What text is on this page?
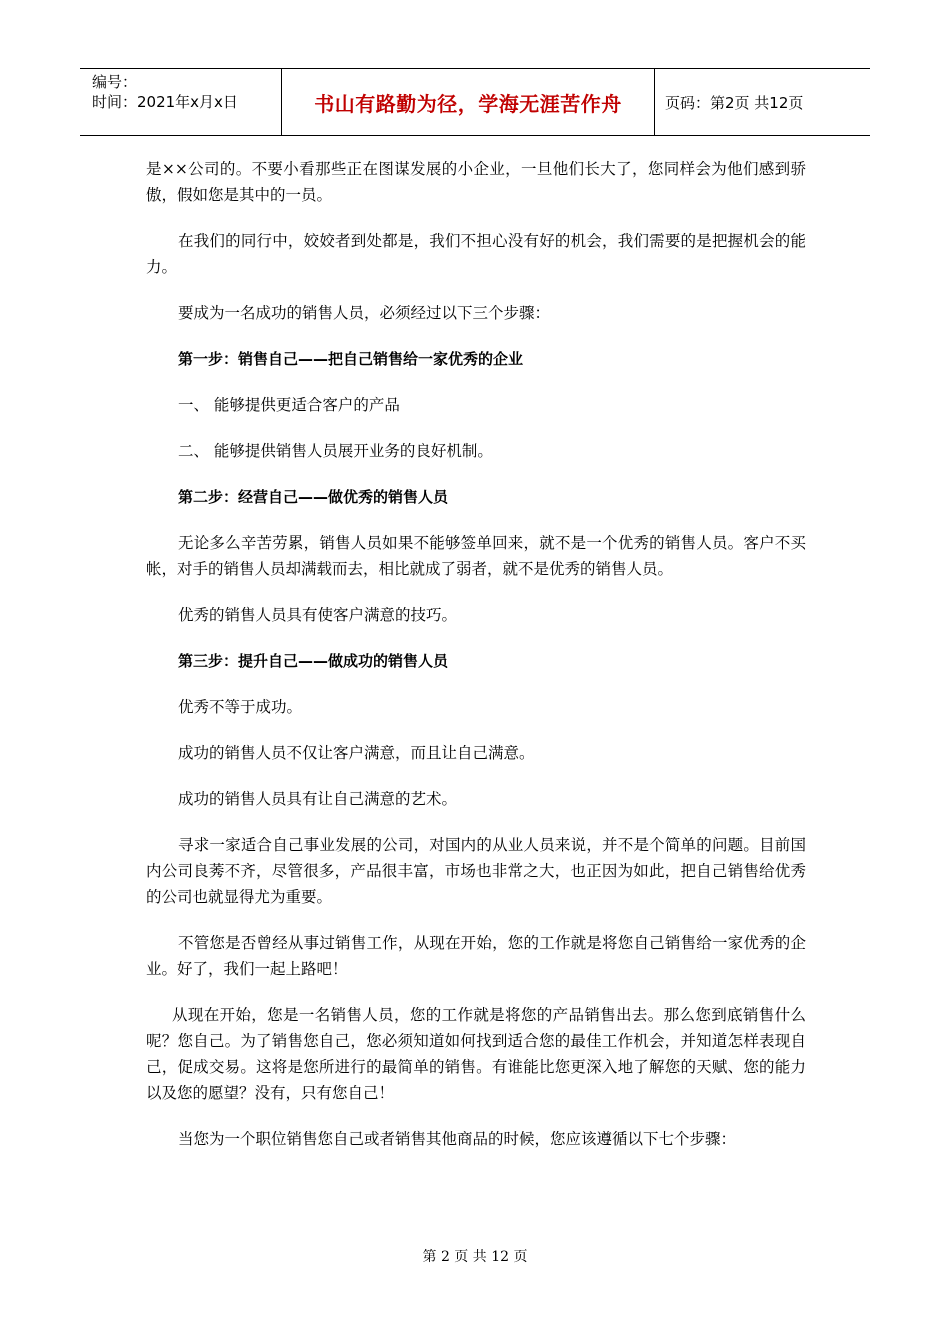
编号：
时间：2021年x月x日	书山有路勤为径，学海无涯苦作舟	页码：第2页 共12页

是××公司的。不要小看那些正在图谋发展的小企业，一旦他们长大了，您同样会为他们感到骄傲，假如您是其中的一员。

在我们的同行中，姣姣者到处都是，我们不担心没有好的机会，我们需要的是把握机会的能力。

要成为一名成功的销售人员，必须经过以下三个步骤：

第一步：销售自己——把自己销售给一家优秀的企业

一、 能够提供更适合客户的产品

二、 能够提供销售人员展开业务的良好机制。

第二步：经营自己——做优秀的销售人员

无论多么辛苦劳累，销售人员如果不能够签单回来，就不是一个优秀的销售人员。客户不买帐，对手的销售人员却满载而去，相比就成了弱者，就不是优秀的销售人员。

优秀的销售人员具有使客户满意的技巧。

第三步：提升自己——做成功的销售人员

优秀不等于成功。

成功的销售人员不仅让客户满意，而且让自己满意。

成功的销售人员具有让自己满意的艺术。

寻求一家适合自己事业发展的公司，对国内的从业人员来说，并不是个简单的问题。目前国内公司良莠不齐，尽管很多，产品很丰富，市场也非常之大，也正因为如此，把自己销售给优秀的公司也就显得尤为重要。

不管您是否曾经从事过销售工作，从现在开始，您的工作就是将您自己销售给一家优秀的企业。好了，我们一起上路吧！

从现在开始，您是一名销售人员，您的工作就是将您的产品销售出去。那么您到底销售什么呢？您自己。为了销售您自己，您必须知道如何找到适合您的最佳工作机会，并知道怎样表现自己，促成交易。这将是您所进行的最简单的销售。有谁能比您更深入地了解您的天赋、您的能力以及您的愿望？没有，只有您自己！

当您为一个职位销售您自己或者销售其他商品的时候，您应该遵循以下七个步骤：

第 2 页 共 12 页
